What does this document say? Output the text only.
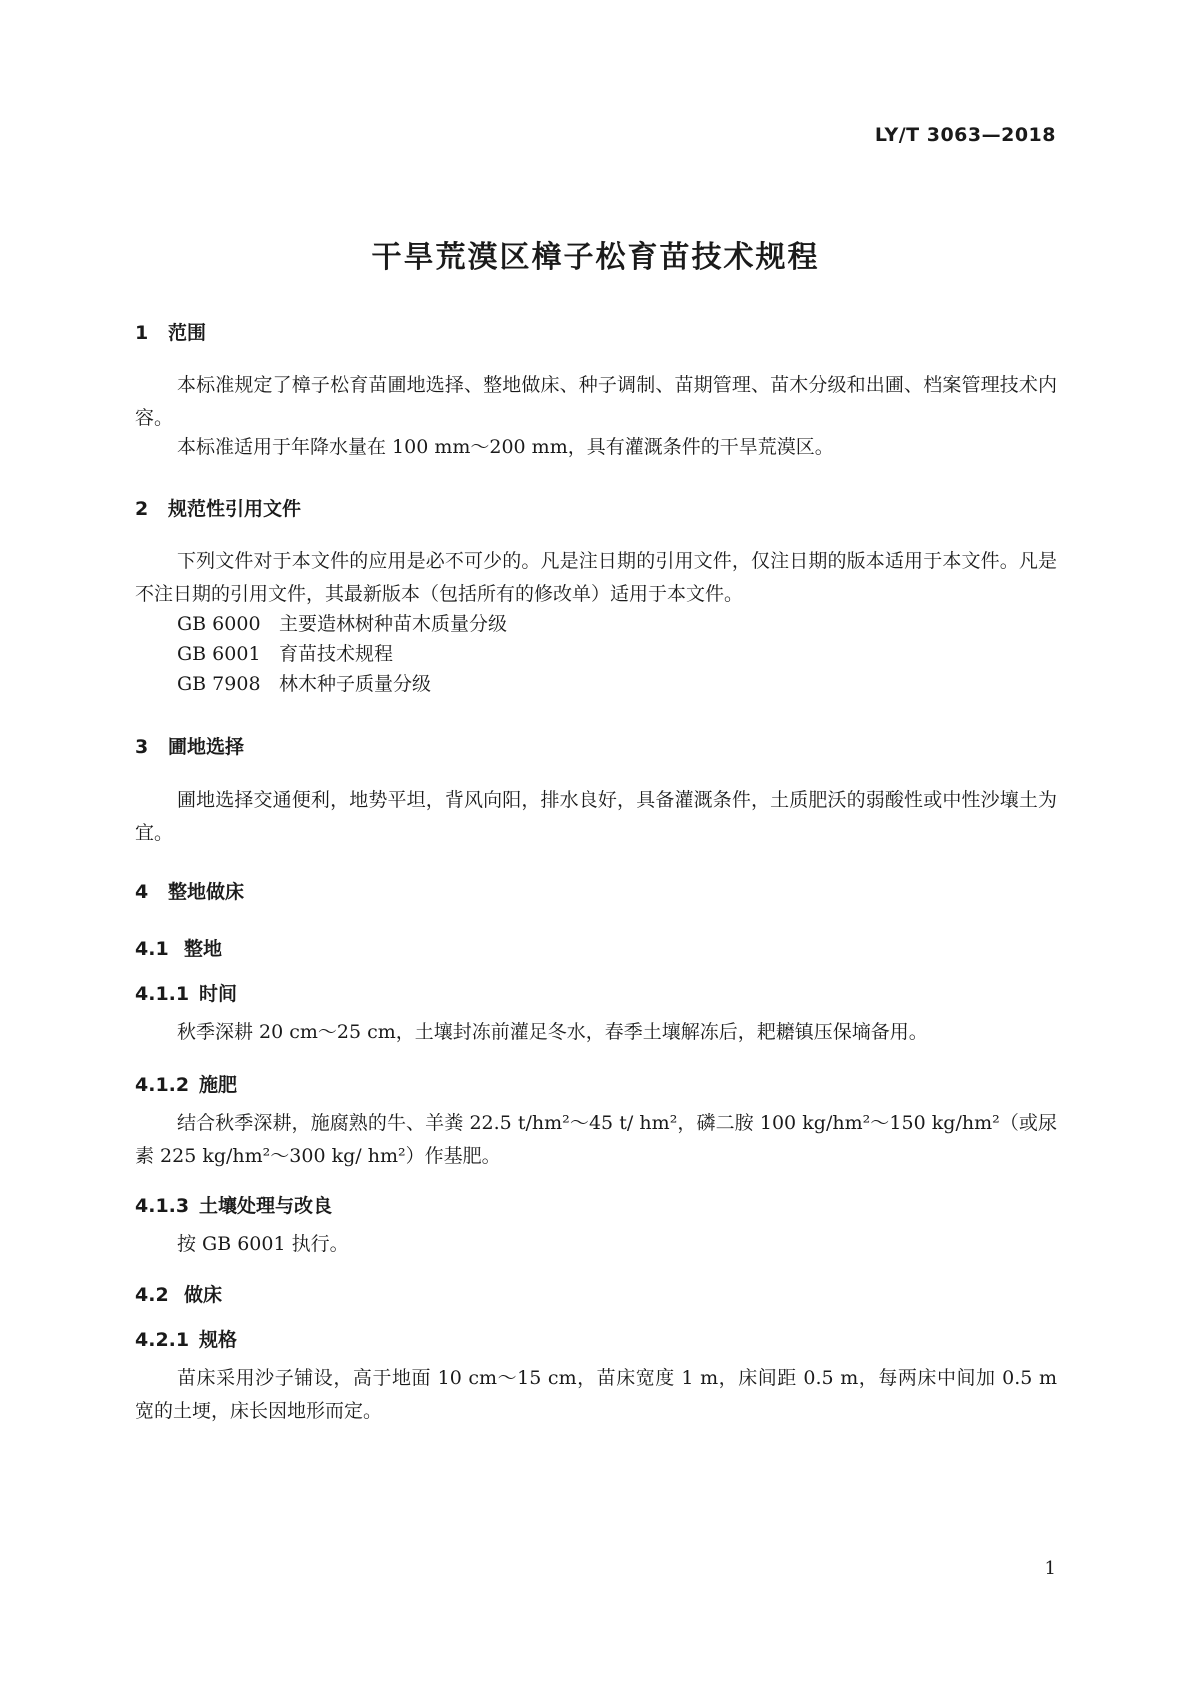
LY/T 3063—2018
干旱荒漠区樟子松育苗技术规程
1 范围
本标准规定了樟子松育苗圃地选择、整地做床、种子调制、苗期管理、苗木分级和出圃、档案管理技术内容。
本标准适用于年降水量在 100 mm～200 mm，具有灌溉条件的干旱荒漠区。
2 规范性引用文件
下列文件对于本文件的应用是必不可少的。凡是注日期的引用文件，仅注日期的版本适用于本文件。凡是不注日期的引用文件，其最新版本（包括所有的修改单）适用于本文件。
GB 6000 主要造林树种苗木质量分级
GB 6001 育苗技术规程
GB 7908 林木种子质量分级
3 圃地选择
圃地选择交通便利，地势平坦，背风向阳，排水良好，具备灌溉条件，土质肥沃的弱酸性或中性沙壤土为宜。
4 整地做床
4.1 整地
4.1.1 时间
秋季深耕 20 cm～25 cm，土壤封冻前灌足冬水，春季土壤解冻后，耙耱镇压保墒备用。
4.1.2 施肥
结合秋季深耕，施腐熟的牛、羊粪 22.5 t/hm²～45 t/ hm²，磷二胺 100 kg/hm²～150 kg/hm²（或尿素 225 kg/hm²～300 kg/ hm²）作基肥。
4.1.3 土壤处理与改良
按 GB 6001 执行。
4.2 做床
4.2.1 规格
苗床采用沙子铺设，高于地面 10 cm～15 cm，苗床宽度 1 m，床间距 0.5 m，每两床中间加 0.5 m 宽的土埂，床长因地形而定。
1
